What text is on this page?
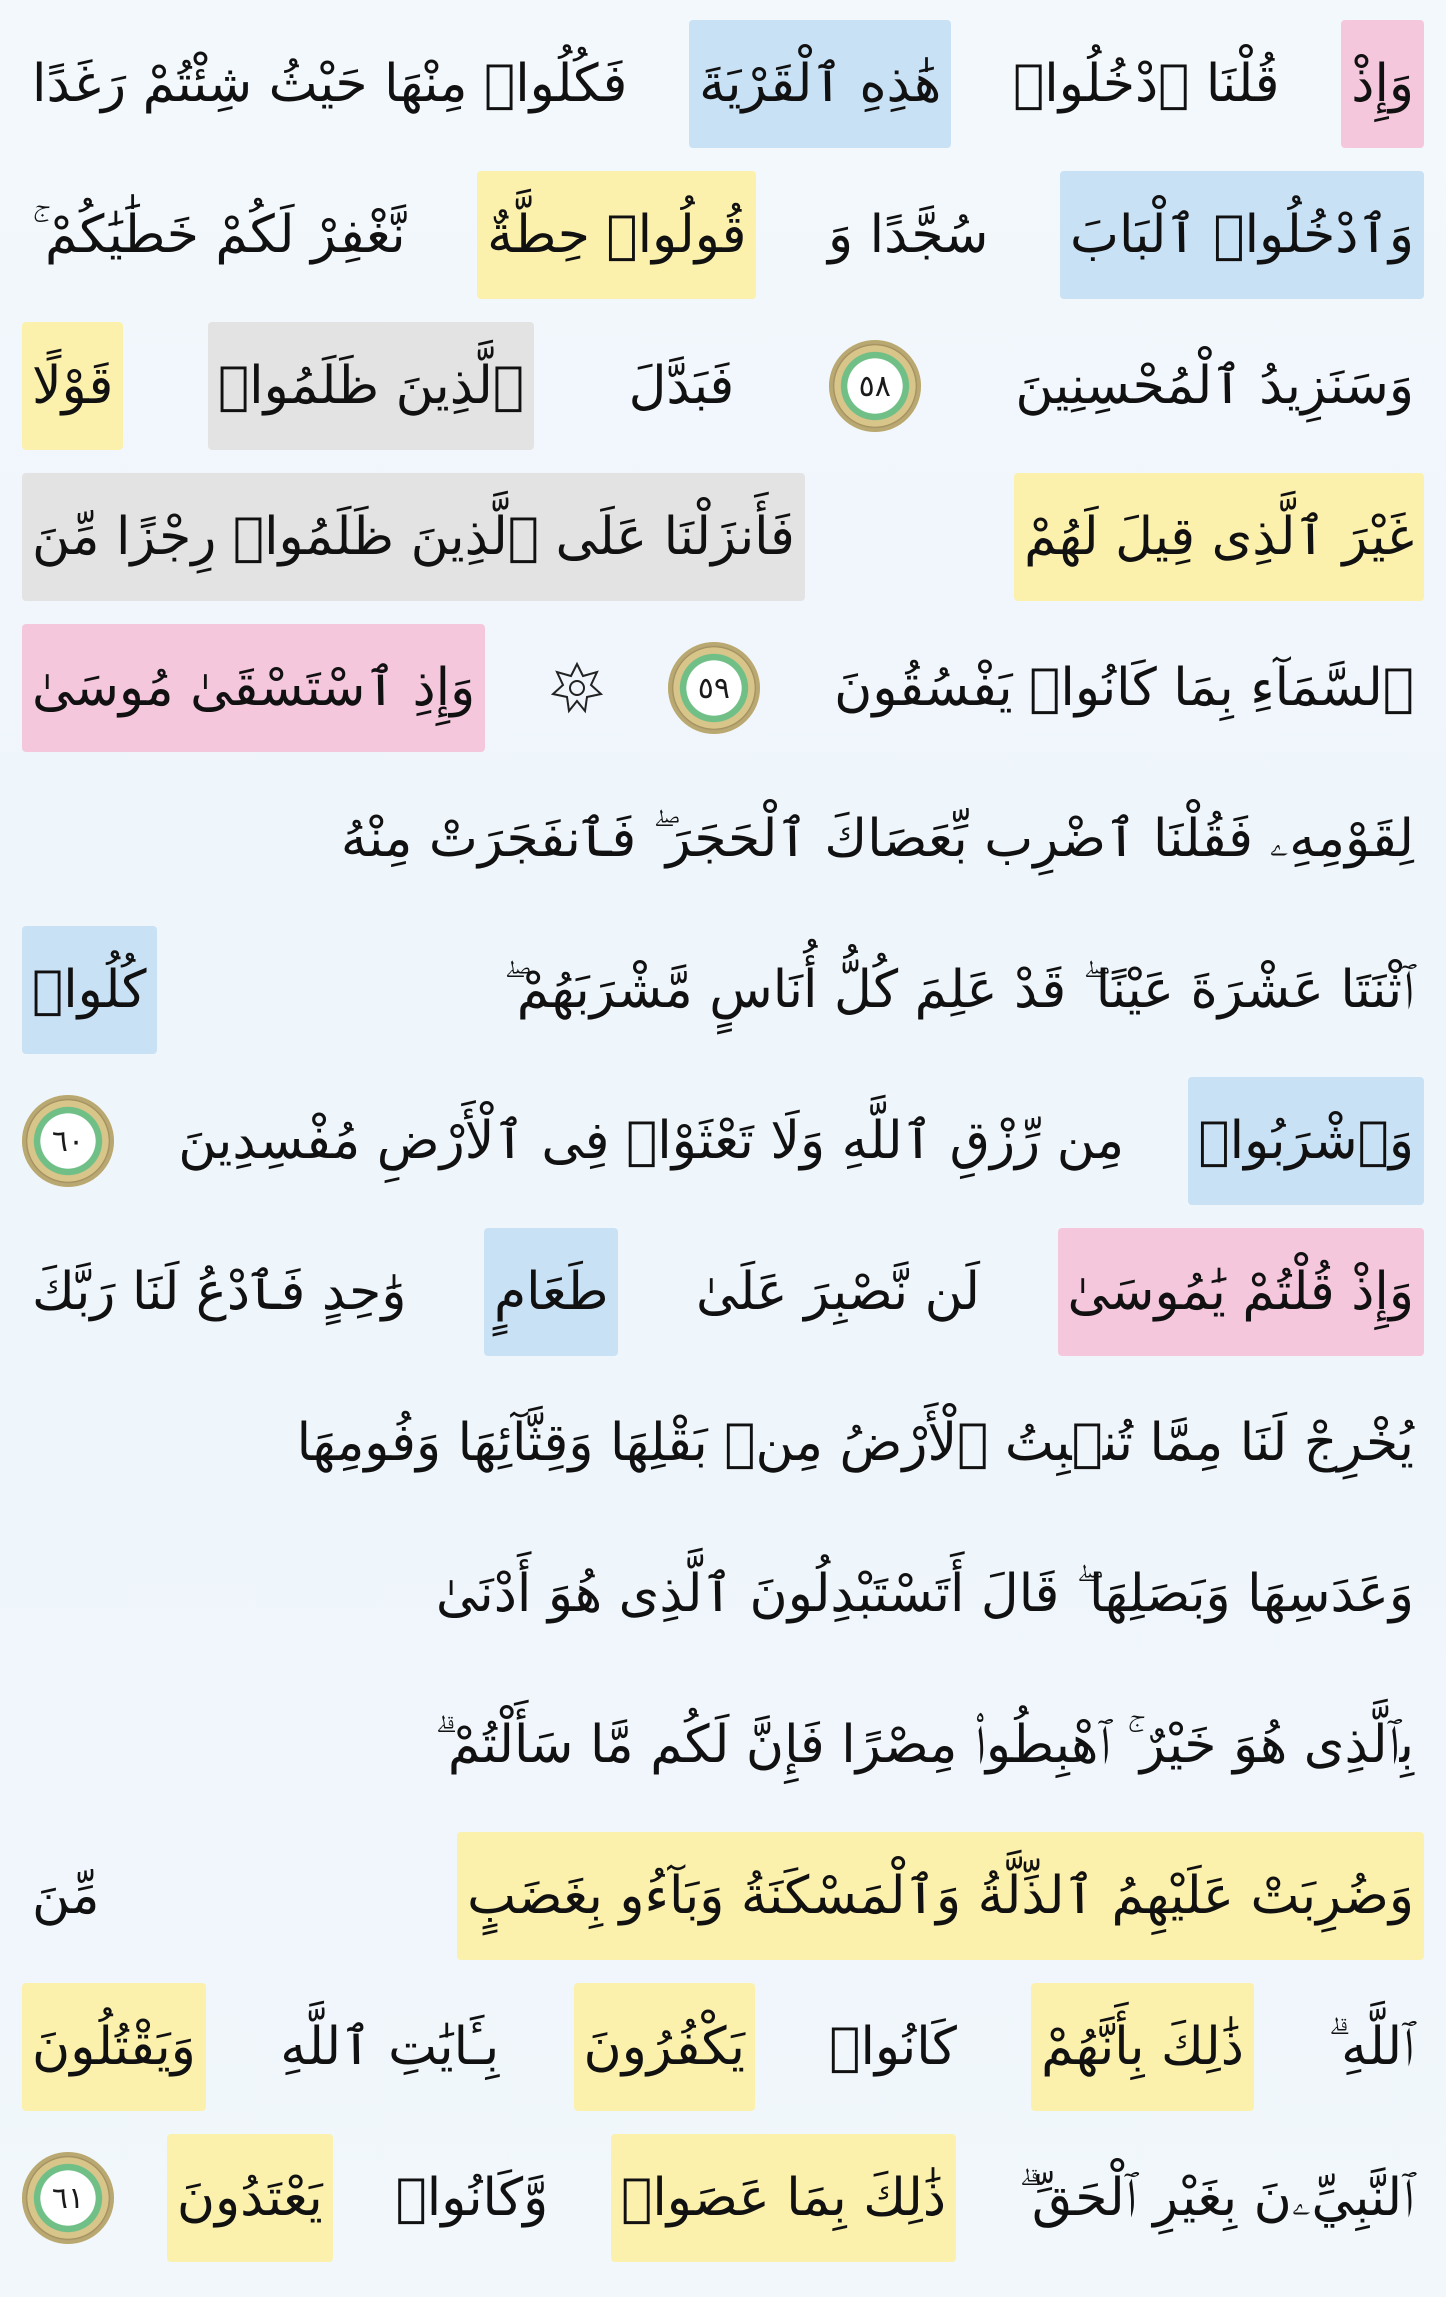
وَإِذْ
قُلْنَا ٱدْخُلُوا۟
هَٰذِهِ ٱلْقَرْيَةَ
فَكُلُوا۟ مِنْهَا حَيْثُ شِئْتُمْ رَغَدًا
وَٱدْخُلُوا۟ ٱلْبَابَ
سُجَّدًا وَ
قُولُوا۟ حِطَّةٌ
نَّغْفِرْ لَكُمْ خَطَٰيَٰكُمْ ۚ
وَسَنَزِيدُ ٱلْمُحْسِنِينَ
٥٨
فَبَدَّلَ
ٱلَّذِينَ ظَلَمُوا۟
قَوْلًا
غَيْرَ ٱلَّذِى قِيلَ لَهُمْ
فَأَنزَلْنَا عَلَى ٱلَّذِينَ ظَلَمُوا۟ رِجْزًا مِّنَ
ٱلسَّمَآءِ بِمَا كَانُوا۟ يَفْسُقُونَ
٥٩
وَإِذِ ٱسْتَسْقَىٰ مُوسَىٰ
لِقَوْمِهِۦ فَقُلْنَا ٱضْرِب بِّعَصَاكَ ٱلْحَجَرَ ۖ فَٱنفَجَرَتْ مِنْهُ
ٱثْنَتَا عَشْرَةَ عَيْنًا ۖ قَدْ عَلِمَ كُلُّ أُنَاسٍ مَّشْرَبَهُمْ ۖ
كُلُوا۟
وَٱشْرَبُوا۟
مِن رِّزْقِ ٱللَّهِ وَلَا تَعْثَوْا۟ فِى ٱلْأَرْضِ مُفْسِدِينَ
٦٠
وَإِذْ قُلْتُمْ يَٰمُوسَىٰ
لَن نَّصْبِرَ عَلَىٰ
طَعَامٍ
وَٰحِدٍ فَٱدْعُ لَنَا رَبَّكَ
يُخْرِجْ لَنَا مِمَّا تُنۢبِتُ ٱلْأَرْضُ مِنۢ بَقْلِهَا وَقِثَّآئِهَا وَفُومِهَا
وَعَدَسِهَا وَبَصَلِهَا ۖ قَالَ أَتَسْتَبْدِلُونَ ٱلَّذِى هُوَ أَدْنَىٰ
بِٱلَّذِى هُوَ خَيْرٌ ۚ ٱهْبِطُوا۟ مِصْرًا فَإِنَّ لَكُم مَّا سَأَلْتُمْ ۗ
وَضُرِبَتْ عَلَيْهِمُ ٱلذِّلَّةُ وَٱلْمَسْكَنَةُ وَبَآءُو بِغَضَبٍ
مِّنَ
ٱللَّهِ ۗ
ذَٰلِكَ بِأَنَّهُمْ
كَانُوا۟
يَكْفُرُونَ
بِـَٔايَٰتِ ٱللَّهِ
وَيَقْتُلُونَ
ٱلنَّبِيِّۦنَ بِغَيْرِ ٱلْحَقِّ ۗ
ذَٰلِكَ بِمَا عَصَوا۟
وَّكَانُوا۟
يَعْتَدُونَ
٦١
